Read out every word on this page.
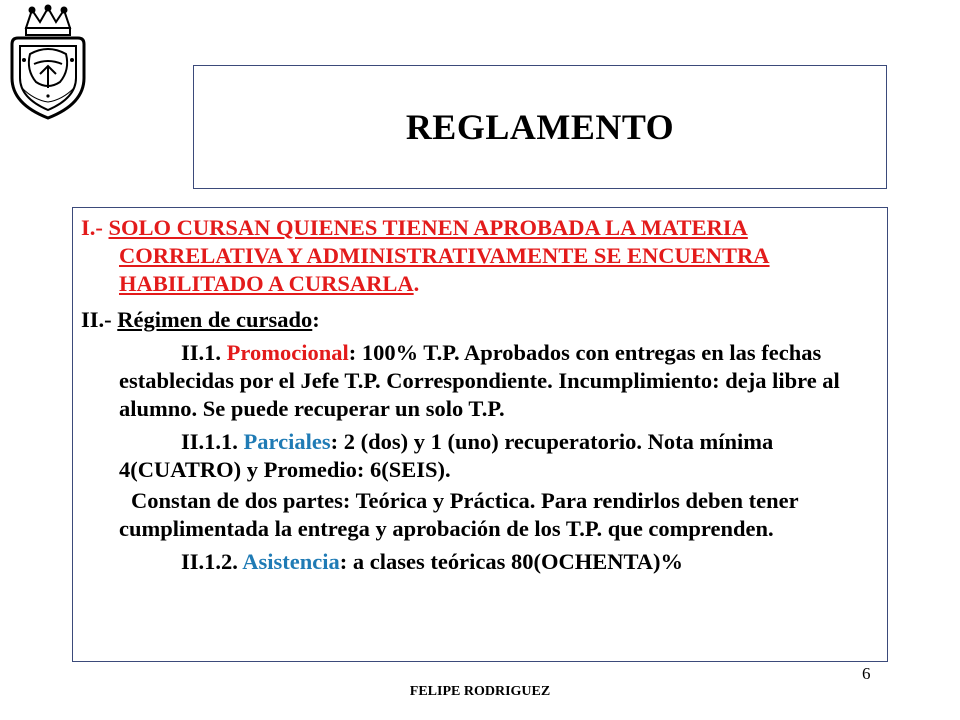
REGLAMENTO

I.- SOLO CURSAN QUIENES TIENEN APROBADA LA MATERIA CORRELATIVA Y ADMINISTRATIVAMENTE SE ENCUENTRA HABILITADO A CURSARLA.

II.- Régimen de cursado:

II.1. Promocional: 100% T.P. Aprobados con entregas en las fechas establecidas por el Jefe T.P. Correspondiente. Incumplimiento: deja libre al alumno. Se puede recuperar un solo T.P.

II.1.1. Parciales: 2 (dos) y 1 (uno) recuperatorio. Nota mínima 4(CUATRO) y Promedio: 6(SEIS).

Constan de dos partes: Teórica y Práctica. Para rendirlos deben tener cumplimentada la entrega y aprobación de los T.P. que comprenden.

II.1.2. Asistencia: a clases teóricas 80(OCHENTA)%

6
FELIPE RODRIGUEZ
